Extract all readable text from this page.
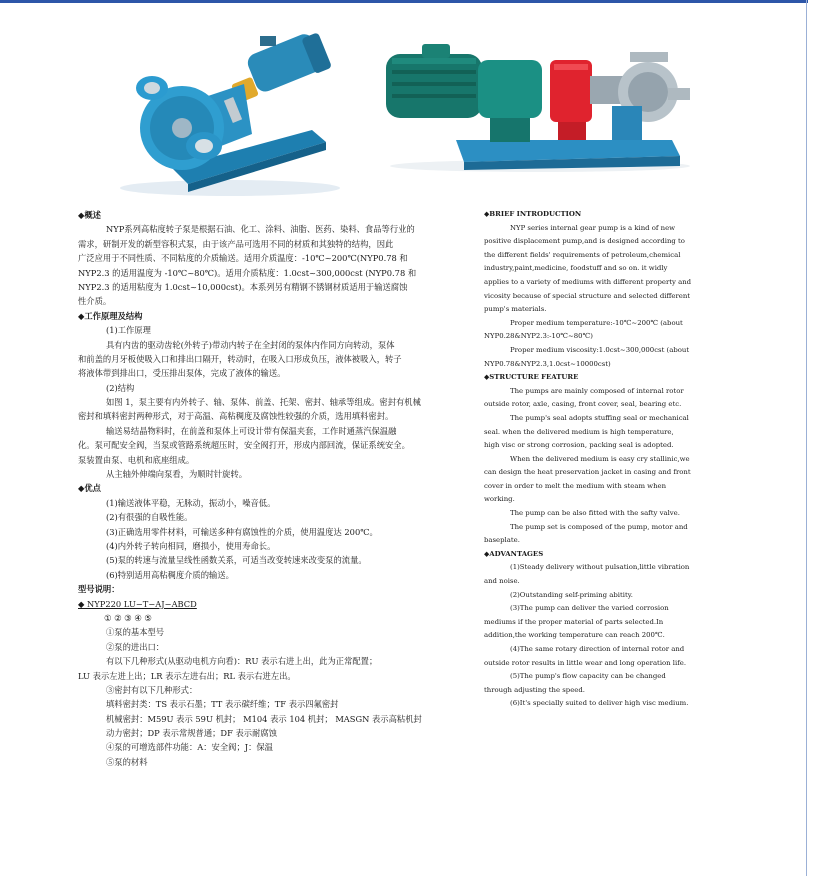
◆概述
NYP系列高粘度转子泵是根据石油、化工、涂料、油脂、医药、染料、食品等行业的
需求，研制开发的新型容积式泵，由于该产品可选用不同的材质和其独特的结构，因此
广泛应用于不同性质、不同粘度的介质输送。适用介质温度：-10℃~200℃(NYP0.78 和
NYP2.3 的适用温度为 -10℃~80℃)。适用介质粘度：1.0cst~300,000cst (NYP0.78 和
NYP2.3 的适用粘度为 1.0cst~10,000cst)。本系列另有精钢不锈钢材质适用于输送腐蚀
性介质。
◆工作原理及结构
(1)工作原理
具有内齿的驱动齿轮(外转子)带动内转子在全封闭的泵体内作同方向转动，泵体
和前盖的月牙板使吸入口和排出口隔开，转动时，在吸入口形成负压，液体被吸入，转子
将液体带到排出口，受压排出泵体，完成了液体的输送。
(2)结构
如图 1，泵主要有内外转子、轴、泵体、前盖、托架、密封、轴承等组成。密封有机械
密封和填料密封两种形式，对于高温、高粘稠度及腐蚀性较强的介质，选用填料密封。
输送易结晶物料时，在前盖和泵体上可设计带有保温夹套，工作时通蒸汽保温融
化。泵可配安全阀，当泵或管路系统超压时，安全阀打开，形成内部回流，保证系统安全。
泵装置由泵、电机和底座组成。
从主轴外伸端向泵看，为顺时针旋转。
◆优点
(1)输送液体平稳，无脉动，振动小，噪音低。
(2)有很强的自吸性能。
(3)正确选用零件材料，可输送多种有腐蚀性的介质，使用温度达 200℃。
(4)内外转子转向相同，磨损小，使用寿命长。
(5)泵的转速与流量呈线性函数关系，可适当改变转速来改变泵的流量。
(6)特别适用高粘稠度介质的输送。
型号说明：
◆ NYP220 LU−T−AJ−ABCD
① ② ③ ④ ⑤
①泵的基本型号
②泵的进出口：
有以下几种形式(从驱动电机方向看)：RU 表示右进上出，此为正常配置；
LU 表示左进上出；LR 表示左进右出；RL 表示右进左出。
③密封有以下几种形式：
填料密封类：TS 表示石墨；TT 表示碳纤维；TF 表示四氟密封
机械密封：M59U 表示 59U 机封； M104 表示 104 机封； MASGN 表示高粘机封
动力密封；DP 表示常规普通；DF 表示耐腐蚀
④泵的可增选部件功能：A：安全阀；J：保温
⑤泵的材料
◆BRIEF INTRODUCTION
NYP series internal gear pump is a kind of new
positive displacement pump,and is designed according to
the different fields' requirements of petroleum,chemical
industry,paint,medicine, foodstuff and so on. it widly
applies to a variety of mediums with different property and
vicosity because of special structure and selected different
pump's materials.
Proper medium temperature:-10℃~200℃ (about
NYP0.28&NYP2.3:-10℃~80℃)
Proper medium viscosity:1.0cst~300,000cst (about
NYP0.78&NYP2.3,1.0cst~10000cst)
◆STRUCTURE FEATURE
The pumps are mainly composed of internal rotor
outside rotor, axle, casing, front cover, seal, bearing etc.
The pump's seal adopts stuffing seal or mechanical
seal. when the delivered medium is high temperature,
high visc or strong corrosion, packing seal is adopted.
When the delivered medium is easy cry stallinic,we
can design the heat preservation jacket in casing and front
cover in order to melt the medium with steam when
working.
The pump can be also fitted with the safty valve.
The pump set is composed of the pump, motor and
baseplate.
◆ADVANTAGES
(1)Steady delivery without pulsation,little vibration
and noise.
(2)Outstanding self-priming abitity.
(3)The pump can deliver the varied corrosion
mediums if the proper material of parts selected.In
addition,the working temperature can reach 200℃.
(4)The same rotary direction of internal rotor and
outside rotor results in little wear and long operation life.
(5)The pump's flow capacity can be changed
through adjusting the speed.
(6)It's specially suited to deliver high visc medium.
